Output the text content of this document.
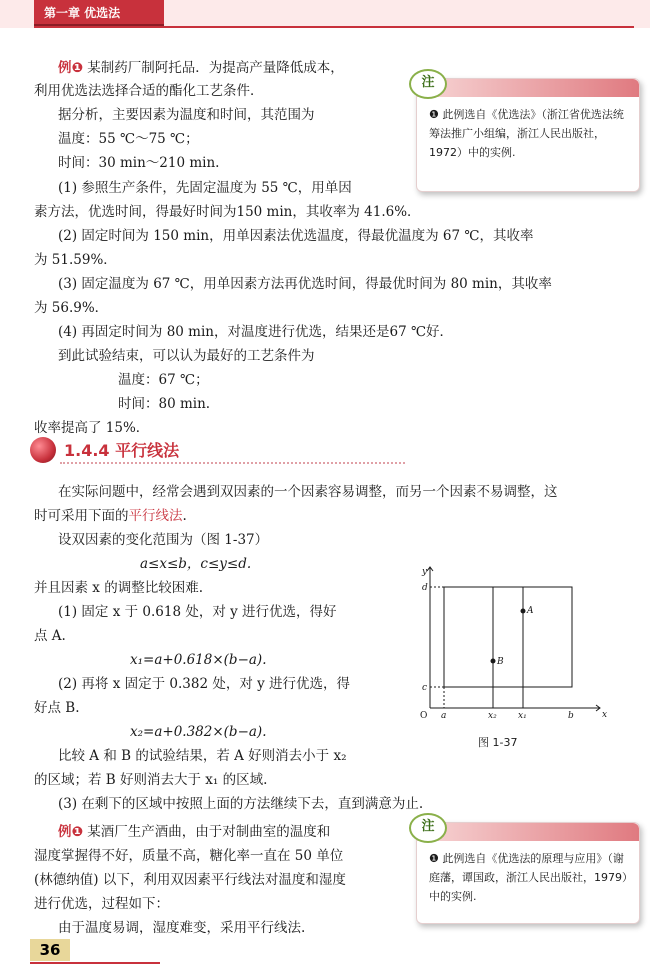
第一章 优选法
例❶ 某制药厂制阿托品．为提高产量降低成本，
利用优选法选择合适的酯化工艺条件．
据分析，主要因素为温度和时间，其范围为
温度：55 ℃～75 ℃；
时间：30 min～210 min.
(1) 参照生产条件，先固定温度为 55 ℃，用单因
素方法，优选时间，得最好时间为150 min，其收率为 41.6%．
(2) 固定时间为 150 min，用单因素法优选温度，得最优温度为 67 ℃，其收率
为 51.59%．
(3) 固定温度为 67 ℃，用单因素方法再优选时间，得最优时间为 80 min，其收率
为 56.9%．
(4) 再固定时间为 80 min，对温度进行优选，结果还是67 ℃好．
到此试验结束，可以认为最好的工艺条件为
温度：67 ℃；
时间：80 min.
收率提高了 15%．
注
❶ 此例选自《优选法》（浙江省优选法统筹法推广小组编，浙江人民出版社，1972）中的实例.
1.4.4 平行线法
在实际问题中，经常会遇到双因素的一个因素容易调整，而另一个因素不易调整，这
时可采用下面的平行线法.
设双因素的变化范围为（图 1-37）
a≤x≤b，c≤y≤d.
并且因素 x 的调整比较困难.
(1) 固定 x 于 0.618 处，对 y 进行优选，得好
点 A.
x₁=a+0.618×(b−a).
(2) 再将 x 固定于 0.382 处，对 y 进行优选，得
好点 B.
x₂=a+0.382×(b−a).
比较 A 和 B 的试验结果，若 A 好则消去小于 x₂
的区域；若 B 好则消去大于 x₁ 的区域.
(3) 在剩下的区域中按照上面的方法继续下去，直到满意为止.
y
x
d
c
a	x₂ x₁	b
A
B
O
图 1-37
例❶ 某酒厂生产酒曲，由于对制曲室的温度和
湿度掌握得不好，质量不高，糖化率一直在 50 单位
(林德纳值) 以下，利用双因素平行线法对温度和湿度
进行优选，过程如下：
由于温度易调，湿度难变，采用平行线法.
注
❶ 此例选自《优选法的原理与应用》（谢庭藩，谭国政，浙江人民出版社，1979）中的实例.
36
